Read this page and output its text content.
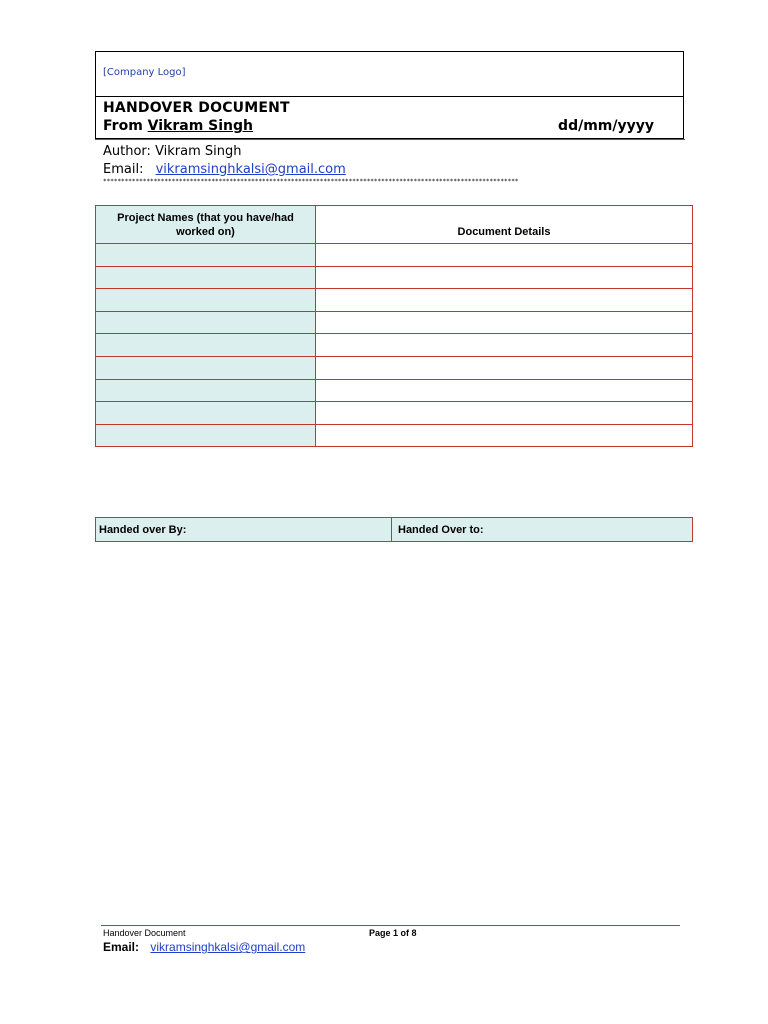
[Company Logo]
HANDOVER DOCUMENT
From Vikram Singh	dd/mm/yyyy
Author: Vikram Singh
Email: vikramsinghkalsi@gmail.com
*******************************************************************************************************************
Project Names (that you have/had worked on)	Document Details

Handed over By:	Handed Over to:
Handover Document	Page 1 of 8
Email: vikramsinghkalsi@gmail.com
